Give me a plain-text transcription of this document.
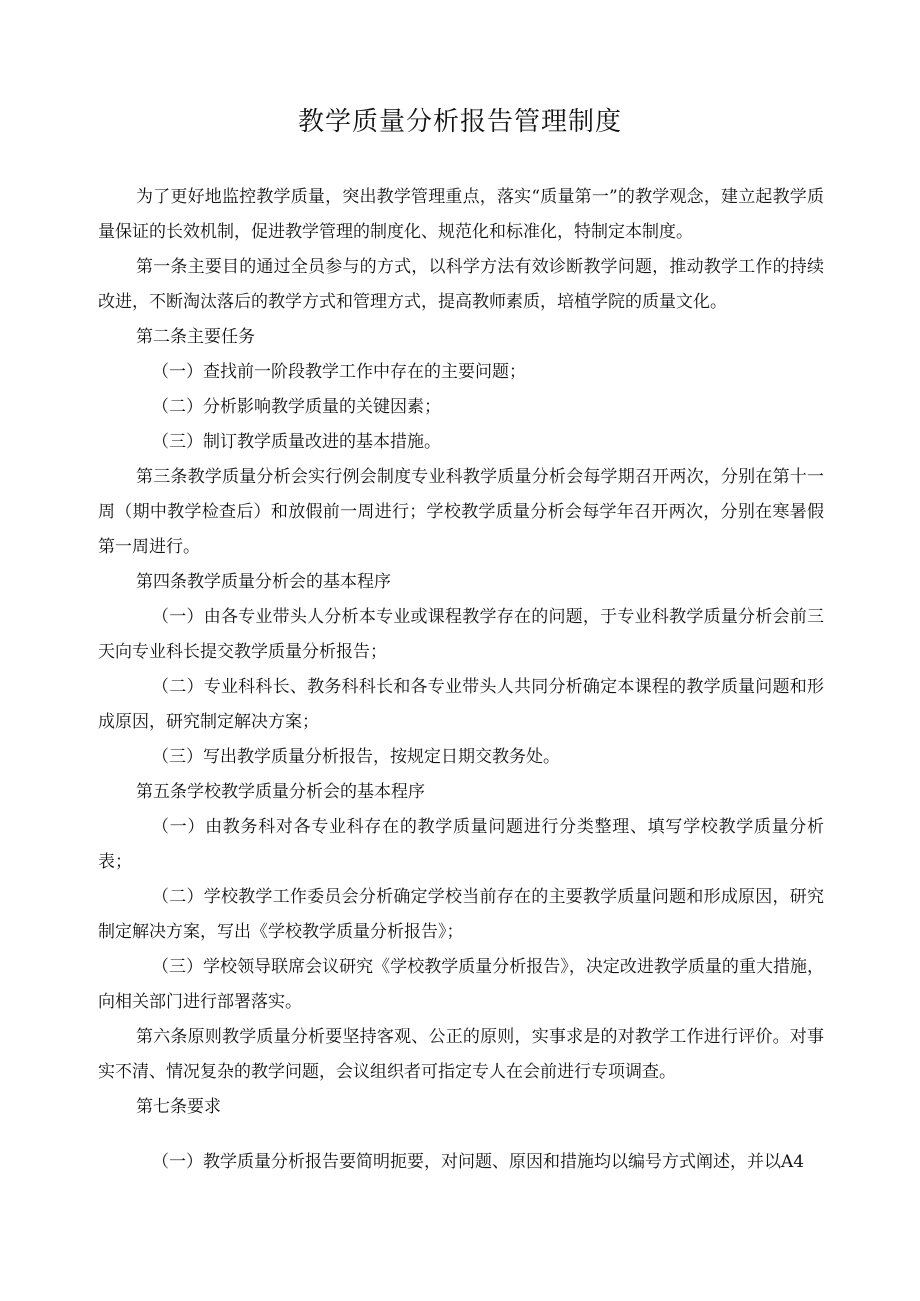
教学质量分析报告管理制度

为了更好地监控教学质量，突出教学管理重点，落实“质量第一”的教学观念，建立起教学质量保证的长效机制，促进教学管理的制度化、规范化和标准化，特制定本制度。

第一条主要目的通过全员参与的方式，以科学方法有效诊断教学问题，推动教学工作的持续改进，不断淘汰落后的教学方式和管理方式，提高教师素质，培植学院的质量文化。

第二条主要任务

（一）查找前一阶段教学工作中存在的主要问题；

（二）分析影响教学质量的关键因素；

（三）制订教学质量改进的基本措施。

第三条教学质量分析会实行例会制度专业科教学质量分析会每学期召开两次，分别在第十一周（期中教学检查后）和放假前一周进行；学校教学质量分析会每学年召开两次，分别在寒暑假第一周进行。

第四条教学质量分析会的基本程序

（一）由各专业带头人分析本专业或课程教学存在的问题，于专业科教学质量分析会前三天向专业科长提交教学质量分析报告；

（二）专业科科长、教务科科长和各专业带头人共同分析确定本课程的教学质量问题和形成原因，研究制定解决方案；

（三）写出教学质量分析报告，按规定日期交教务处。

第五条学校教学质量分析会的基本程序

（一）由教务科对各专业科存在的教学质量问题进行分类整理、填写学校教学质量分析表；

（二）学校教学工作委员会分析确定学校当前存在的主要教学质量问题和形成原因，研究制定解决方案，写出《学校教学质量分析报告》；

（三）学校领导联席会议研究《学校教学质量分析报告》，决定改进教学质量的重大措施，向相关部门进行部署落实。

第六条原则教学质量分析要坚持客观、公正的原则，实事求是的对教学工作进行评价。对事实不清、情况复杂的教学问题，会议组织者可指定专人在会前进行专项调查。

第七条要求

（一）教学质量分析报告要简明扼要，对问题、原因和措施均以编号方式阐述，并以A4
